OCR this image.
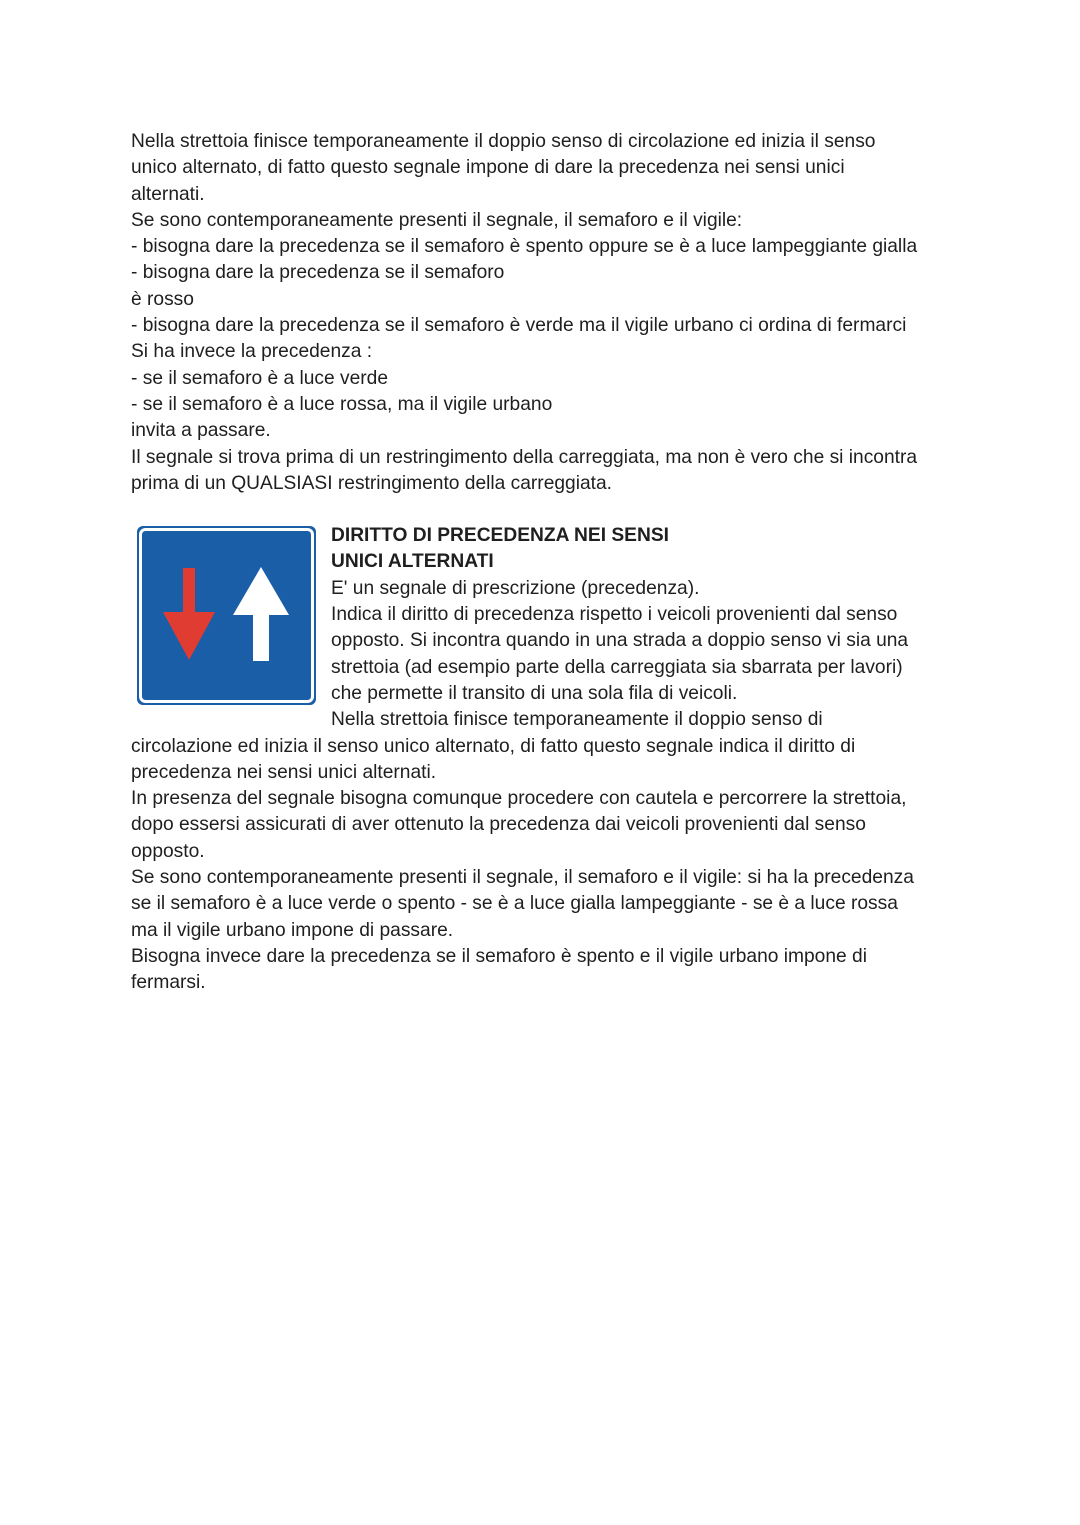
Nella strettoia finisce temporaneamente il doppio senso di circolazione ed inizia il senso
unico alternato, di fatto questo segnale impone di dare la precedenza nei sensi unici
alternati.
Se sono contemporaneamente presenti il segnale, il semaforo e il vigile:
- bisogna dare la precedenza se il semaforo è spento oppure se è a luce lampeggiante gialla
- bisogna dare la precedenza se il semaforo
è rosso
- bisogna dare la precedenza se il semaforo è verde ma il vigile urbano ci ordina di fermarci
Si ha invece la precedenza :
- se il semaforo è a luce verde
- se il semaforo è a luce rossa, ma il vigile urbano
invita a passare.
Il segnale si trova prima di un restringimento della carreggiata, ma non è vero che si incontra
prima di un QUALSIASI restringimento della carreggiata.
DIRITTO DI PRECEDENZA NEI SENSI
UNICI ALTERNATI
E' un segnale di prescrizione (precedenza).
Indica il diritto di precedenza rispetto i veicoli provenienti dal senso
opposto. Si incontra quando in una strada a doppio senso vi sia una
strettoia (ad esempio parte della carreggiata sia sbarrata per lavori)
che permette il transito di una sola fila di veicoli.
Nella strettoia finisce temporaneamente il doppio senso di
circolazione ed inizia il senso unico alternato, di fatto questo segnale indica il diritto di
precedenza nei sensi unici alternati.
In presenza del segnale bisogna comunque procedere con cautela e percorrere la strettoia,
dopo essersi assicurati di aver ottenuto la precedenza dai veicoli provenienti dal senso
opposto.
Se sono contemporaneamente presenti il segnale, il semaforo e il vigile: si ha la precedenza
se il semaforo è a luce verde o spento - se è a luce gialla lampeggiante - se è a luce rossa
ma il vigile urbano impone di passare.
Bisogna invece dare la precedenza se il semaforo è spento e il vigile urbano impone di
fermarsi.
